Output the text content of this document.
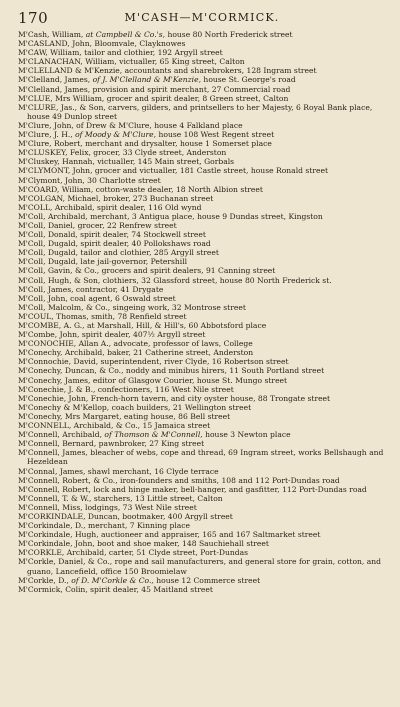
170	M'CASH—M'CORMICK.

M'Cash, William, at Campbell & Co.'s, house 80 North Frederick street

M'CASLAND, John, Bloomvale, Clayknowes

M'CAW, William, tailor and clothier, 192 Argyll street

M'CLANACHAN, William, victualler, 65 King street, Calton

M'CLELLAND & M'Kenzie, accountants and sharebrokers, 128 Ingram street

M'Clelland, James, of J. M'Clelland & M'Kenzie, house St. George's road

M'Clelland, James, provision and spirit merchant, 27 Commercial road

M'CLUE, Mrs William, grocer and spirit dealer, 8 Green street, Calton

M'CLURE, Jas., & Son, carvers, gilders, and printsellers to her Majesty, 6 Royal Bank place, house 49 Dunlop street

M'Clure, John, of Drew & M'Clure, house 4 Falkland place

M'Clure, J. H., of Moody & M'Clure, house 108 West Regent street

M'Clure, Robert, merchant and drysalter, house 1 Somerset place

M'CLUSKEY, Felix, grocer, 33 Clyde street, Anderston

M'Cluskey, Hannah, victualler, 145 Main street, Gorbals

M'CLYMONT, John, grocer and victualler, 181 Castle street, house Ronald street

M'Clymont, John, 30 Charlotte street

M'COARD, William, cotton-waste dealer, 18 North Albion street

M'COLGAN, Michael, broker, 273 Buchanan street

M'COLL, Archibald, spirit dealer, 116 Old wynd

M'Coll, Archibald, merchant, 3 Antigua place, house 9 Dundas street, Kingston

M'Coll, Daniel, grocer, 22 Renfrew street

M'Coll, Donald, spirit dealer, 74 Stockwell street

M'Coll, Dugald, spirit dealer, 40 Pollokshaws road

M'Coll, Dugald, tailor and clothier, 285 Argyll street

M'Coll, Dugald, late jail-governor, Petershill

M'Coll, Gavin, & Co., grocers and spirit dealers, 91 Canning street

M'Coll, Hugh, & Son, clothiers, 32 Glassford street, house 80 North Frederick st.

M'Coll, James, contractor, 41 Drygate

M'Coll, John, coal agent, 6 Oswald street

M'Coll, Malcolm, & Co., singeing work, 32 Montrose street

M'COUL, Thomas, smith, 78 Renfield street

M'COMBE, A. G., at Marshall, Hill, & Hill's, 60 Abbotsford place

M'Combe, John, spirit dealer, 407½ Argyll street

M'CONOCHIE, Allan A., advocate, professor of laws, College

M'Conechy, Archibald, baker, 21 Catherine street, Anderston

M'Connochie, David, superintendent, river Clyde, 16 Robertson street

M'Conechy, Duncan, & Co., noddy and minibus hirers, 11 South Portland street

M'Conechy, James, editor of Glasgow Courier, house St. Mungo street

M'Conechie, J. & B., confectioners, 116 West Nile street

M'Conechie, John, French-horn tavern, and city oyster house, 88 Trongate street

M'Conechy & M'Kellop, coach builders, 21 Wellington street

M'Conechy, Mrs Margaret, eating house, 86 Bell street

M'CONNELL, Archibald, & Co., 15 Jamaica street

M'Connell, Archibald, of Thomson & M'Connell, house 3 Newton place

M'Connell, Bernard, pawnbroker, 27 King street

M'Connell, James, bleacher of webs, cope and thread, 69 Ingram street, works Bellshaugh and Hezeldean

M'Connal, James, shawl merchant, 16 Clyde terrace

M'Connell, Robert, & Co., iron-founders and smiths, 108 and 112 Port-Dundas road

M'Connell, Robert, lock and hinge maker, bell-hanger, and gasfitter, 112 Port-Dundas road

M'Connell, T. & W., starchers, 13 Little street, Calton

M'Connell, Miss, lodgings, 73 West Nile street

M'CORKINDALE, Duncan, bootmaker, 400 Argyll street

M'Corkindale, D., merchant, 7 Kinning place

M'Corkindale, Hugh, auctioneer and appraiser, 165 and 167 Saltmarket street

M'Corkindale, John, boot and shoe maker, 148 Sauchiehall street

M'CORKLE, Archibald, carter, 51 Clyde street, Port-Dundas

M'Corkle, Daniel, & Co., rope and sail manufacturers, and general store for grain, cotton, and guano, Lancefield, office 150 Broomielaw

M'Corkle, D., of D. M'Corkle & Co., house 12 Commerce street

M'Cormick, Colin, spirit dealer, 45 Maitland street
